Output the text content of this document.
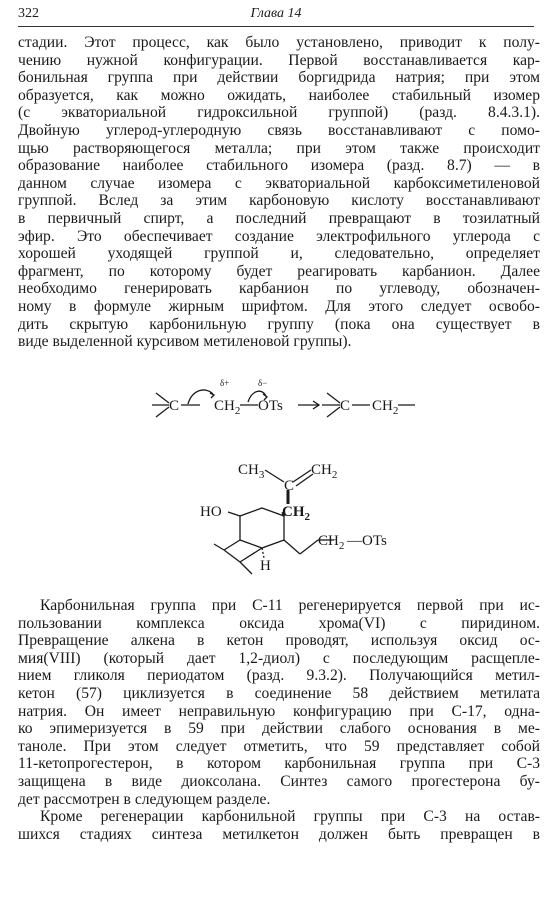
322	Глава 14
стадии. Этот процесс, как было установлено, приводит к полу-
чению нужной конфигурации. Первой восстанавливается кар-
бонильная группа при действии боргидрида натрия; при этом
образуется, как можно ожидать, наиболее стабильный изомер
(с экваториальной гидроксильной группой) (разд. 8.4.3.1).
Двойную углерод-углеродную связь восстанавливают с помо-
щью растворяющегося металла; при этом также происходит
образование наиболее стабильного изомера (разд. 8.7) — в
данном случае изомера с экваториальной карбоксиметиленовой
группой. Вслед за этим карбоновую кислоту восстанавливают
в первичный спирт, а последний превращают в тозилатный
эфир. Это обеспечивает создание электрофильного углерода с
хорошей уходящей группой и, следовательно, определяет
фрагмент, по которому будет реагировать карбанион. Далее
необходимо генерировать карбанион по углеводу, обозначен-
ному в формуле жирным шрифтом. Для этого следует освобо-
дить скрытую карбонильную группу (пока она существует в
виде выделенной курсивом метиленовой группы).
C $CH_2$ OTs
δ+	δ−
C $CH_2$
$CH_3$
C
$CH_2$
$CH_2$
HO
$CH_2$ —OTs
H
Карбонильная группа при С-11 регенерируется первой при ис-
пользовании комплекса оксида хрома(VI) с пиридином.
Превращение алкена в кетон проводят, используя оксид ос-
мия(VIII) (который дает 1,2-диол) с последующим расщепле-
нием гликоля периодатом (разд. 9.3.2). Получающийся метил-
кетон (57) циклизуется в соединение 58 действием метилата
натрия. Он имеет неправильную конфигурацию при С-17, одна-
ко эпимеризуется в 59 при действии слабого основания в ме-
таноле. При этом следует отметить, что 59 представляет собой
11-кетопрогестерон, в котором карбонильная группа при С-3
защищена в виде диоксолана. Синтез самого прогестерона бу-
дет рассмотрен в следующем разделе.
Кроме регенерации карбонильной группы при С-3 на остав-
шихся стадиях синтеза метилкетон должен быть превращен в
